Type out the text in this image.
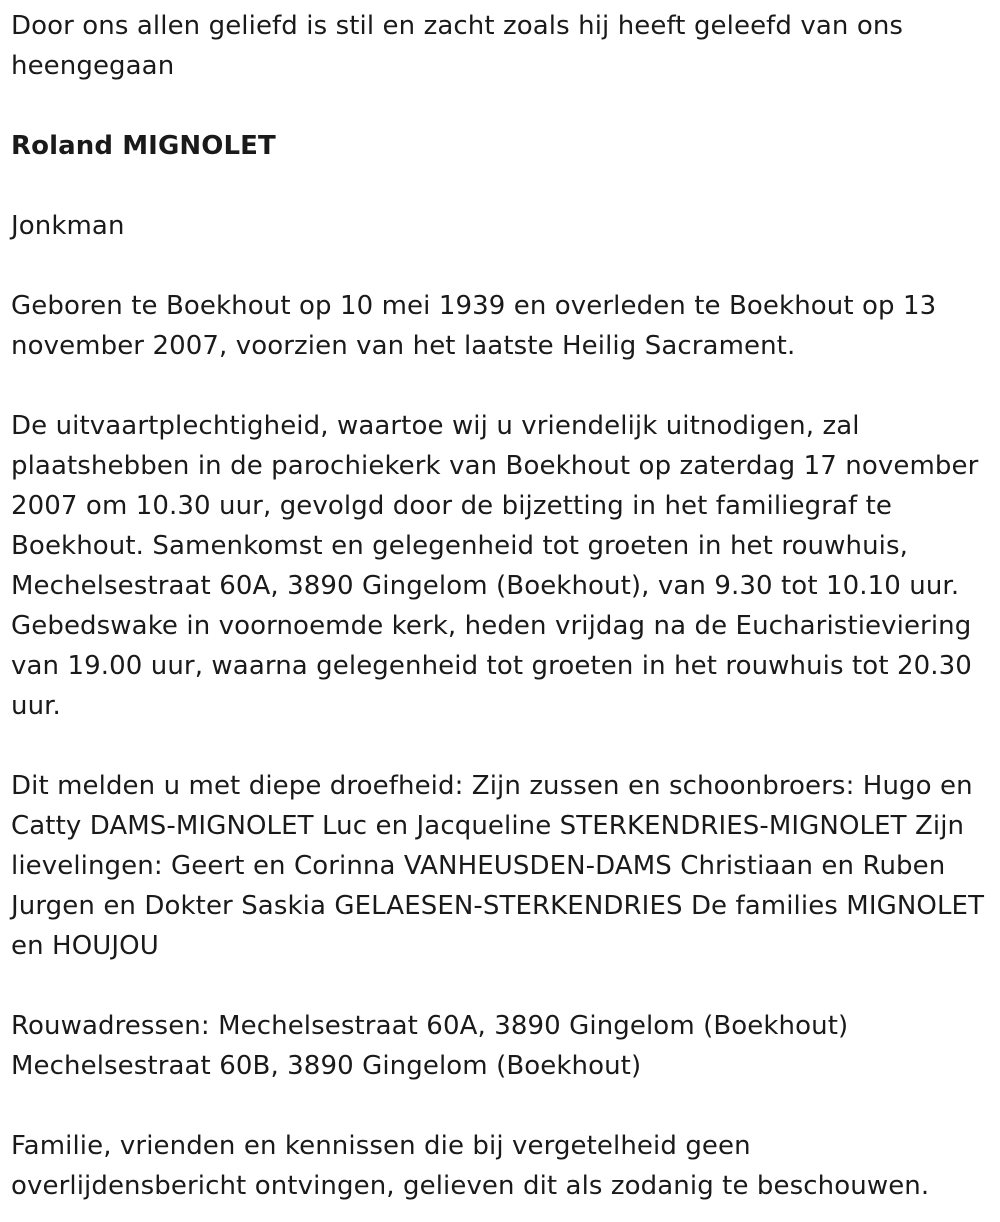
Door ons allen geliefd is stil en zacht zoals hij heeft geleefd van ons heengegaan

Roland MIGNOLET

Jonkman

Geboren te Boekhout op 10 mei 1939 en overleden te Boekhout op 13 november 2007, voorzien van het laatste Heilig Sacrament.

De uitvaartplechtigheid, waartoe wij u vriendelijk uitnodigen, zal plaatshebben in de parochiekerk van Boekhout op zaterdag 17 november 2007 om 10.30 uur, gevolgd door de bijzetting in het familiegraf te Boekhout. Samenkomst en gelegenheid tot groeten in het rouwhuis, Mechelsestraat 60A, 3890 Gingelom (Boekhout), van 9.30 tot 10.10 uur. Gebedswake in voornoemde kerk, heden vrijdag na de Eucharistieviering van 19.00 uur, waarna gelegenheid tot groeten in het rouwhuis tot 20.30 uur.

Dit melden u met diepe droefheid: Zijn zussen en schoonbroers: Hugo en Catty DAMS-MIGNOLET Luc en Jacqueline STERKENDRIES-MIGNOLET Zijn lievelingen: Geert en Corinna VANHEUSDEN-DAMS Christiaan en Ruben Jurgen en Dokter Saskia GELAESEN-STERKENDRIES De families MIGNOLET en HOUJOU

Rouwadressen: Mechelsestraat 60A, 3890 Gingelom (Boekhout)
Mechelsestraat 60B, 3890 Gingelom (Boekhout)

Familie, vrienden en kennissen die bij vergetelheid geen overlijdensbericht ontvingen, gelieven dit als zodanig te beschouwen.
